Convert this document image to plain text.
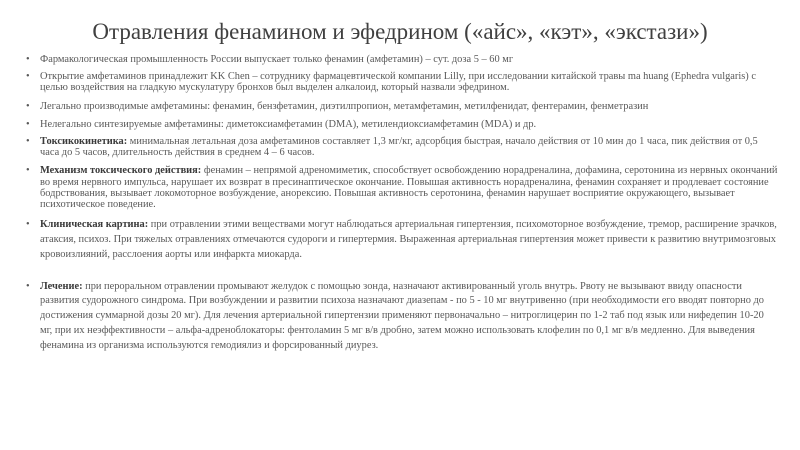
Отравления фенамином и эфедрином («айс», «кэт», «экстази»)
• Фармакологическая промышленность России выпускает только фенамин (амфетамин) – сут. доза 5 – 60 мг
• Открытие амфетаминов принадлежит KK Chen – сотруднику фармацевтической компании Lilly, при исследовании китайской травы ma huang (Ephedra vulgaris) с целью воздействия на гладкую мускулатуру бронхов был выделен алкалоид, который назвали эфедрином.
• Легально производимые амфетамины: фенамин, бензфетамин, диэтилпропион, метамфетамин, метилфенидат, фентерамин, фенметразин
• Нелегально синтезируемые амфетамины: диметоксиамфетамин (DMA), метилендиоксиамфетамин (MDA) и др.
• Токсикокинетика: минимальная летальная доза амфетаминов составляет 1,3 мг/кг, адсорбция быстрая, начало действия от 10 мин до 1 часа, пик действия от 0,5 часа до 5 часов, длительность действия в среднем 4 – 6 часов.
• Механизм токсического действия: фенамин – непрямой адреномиметик, способствует освобождению норадреналина, дофамина, серотонина из нервных окончаний во время нервного импульса, нарушает их возврат в пресинаптическое окончание. Повышая активность норадреналина, фенамин сохраняет и продлевает состояние бодрствования, вызывает локомоторное возбуждение, анорексию. Повышая активность серотонина, фенамин нарушает восприятие окружающего, вызывает психотическое поведение.
• Клиническая картина: при отравлении этими веществами могут наблюдаться артериальная гипертензия, психомоторное возбуждение, тремор, расширение зрачков, атаксия, психоз. При тяжелых отравлениях отмечаются судороги и гипертермия. Выраженная артериальная гипертензия может привести к развитию внутримозговых кровоизлияний, расслоения аорты или инфаркта миокарда.
• Лечение: при пероральном отравлении промывают желудок с помощью зонда, назначают активированный уголь внутрь. Рвоту не вызывают ввиду опасности развития судорожного синдрома. При возбуждении и развитии психоза назначают диазепам - по 5 - 10 мг внутривенно (при необходимости его вводят повторно до достижения суммарной дозы 20 мг). Для лечения артериальной гипертензии применяют первоначально – нитроглицерин по 1-2 таб под язык или нифедепин 10-20 мг, при их неэффективности – альфа-адреноблокаторы: фентоламин 5 мг в/в дробно, затем можно использовать клофелин по 0,1 мг в/в медленно. Для выведения фенамина из организма используются гемодиялиз и форсированный диурез.
